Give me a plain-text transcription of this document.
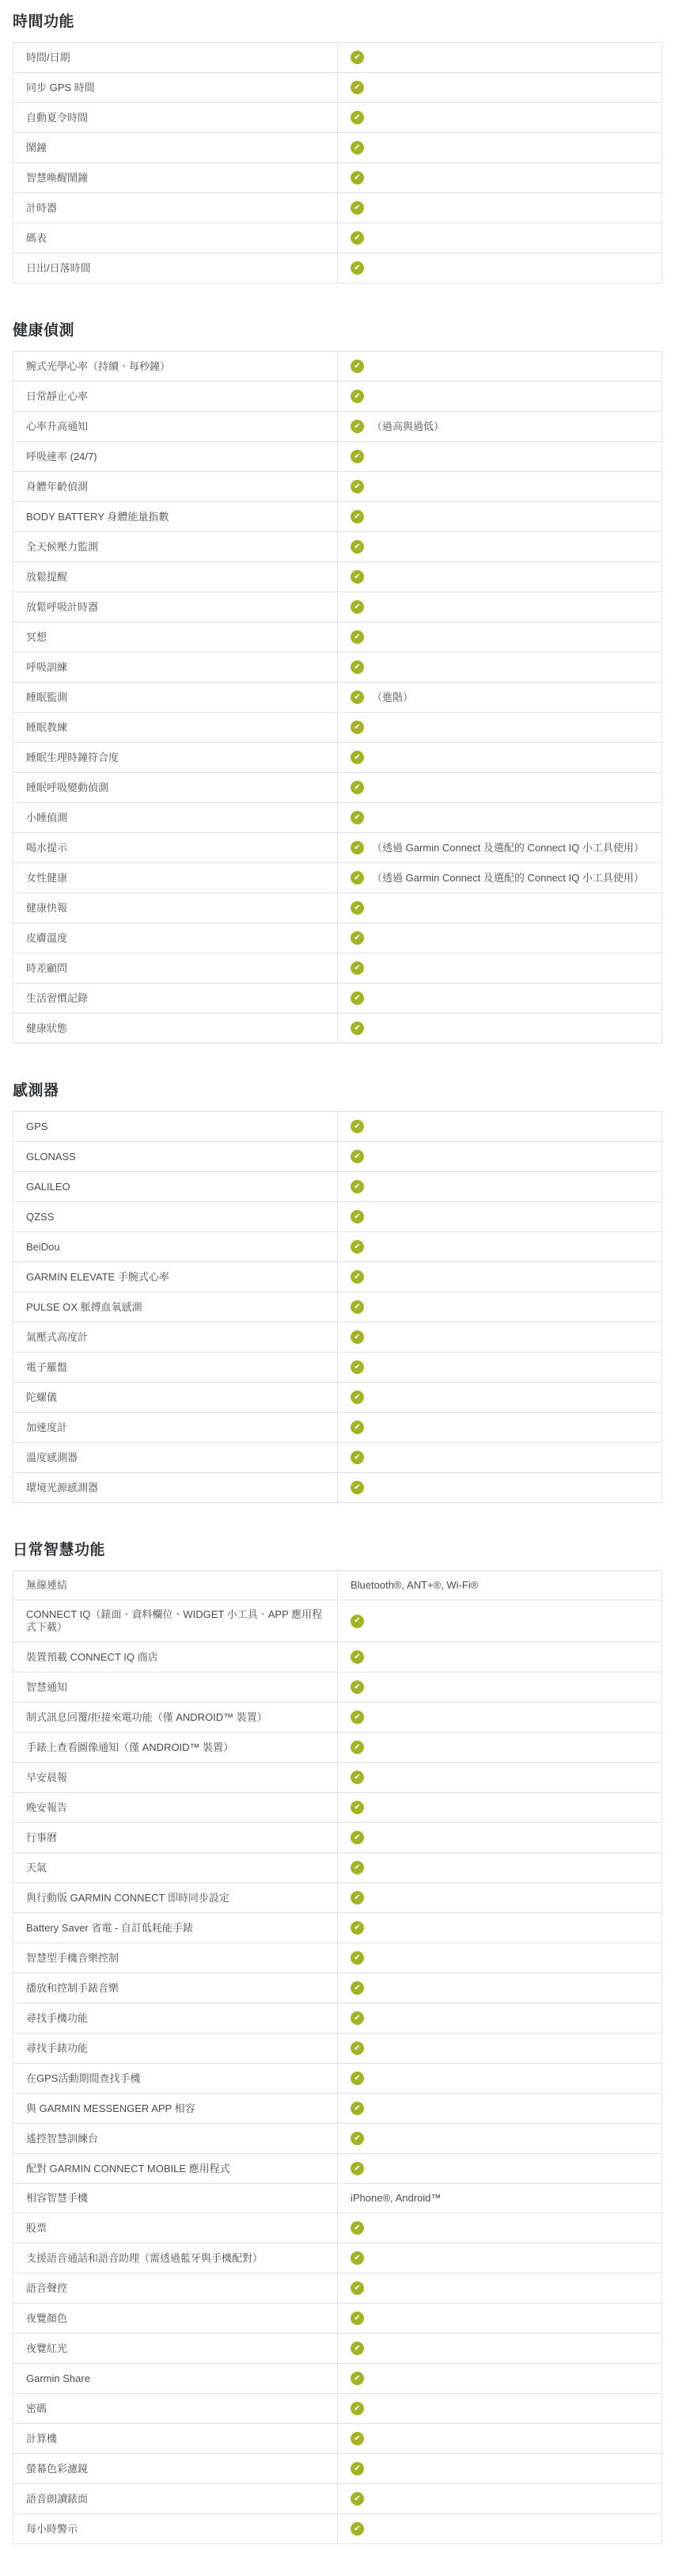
時間功能
時間/日期	✔

同步 GPS 時間	✔

自動夏令時間	✔

鬧鐘	✔

智慧喚醒鬧鐘	✔

計時器	✔

碼表	✔

日出/日落時間	✔
健康偵測
腕式光學心率（持續、每秒鐘）	✔

日常靜止心率	✔

心率升高通知	✔ （過高與過低）

呼吸速率 (24/7)	✔

身體年齡偵測	✔

BODY BATTERY 身體能量指數	✔

全天候壓力監測	✔

放鬆提醒	✔

放鬆呼吸計時器	✔

冥想	✔

呼吸訓練	✔

睡眠監測	✔ （進階）

睡眠教練	✔

睡眠生理時鐘符合度	✔

睡眠呼吸變動偵測	✔

小睡偵測	✔

喝水提示	✔ （透過 Garmin Connect 及選配的 Connect IQ 小工具使用）

女性健康	✔ （透過 Garmin Connect 及選配的 Connect IQ 小工具使用）

健康快報	✔

皮膚溫度	✔

時差顧問	✔

生活習慣記錄	✔

健康狀態	✔
感測器
GPS	✔

GLONASS	✔

GALILEO	✔

QZSS	✔

BeiDou	✔

GARMIN ELEVATE 手腕式心率	✔

PULSE OX 脈搏血氧感測	✔

氣壓式高度計	✔

電子羅盤	✔

陀螺儀	✔

加速度計	✔

溫度感測器	✔

環境光源感測器	✔
日常智慧功能
無線連結	Bluetooth®, ANT+®, Wi-Fi®

CONNECT IQ（錶面、資料欄位、WIDGET 小工具、APP 應用程式下載）	✔

裝置預載 CONNECT IQ 商店	✔

智慧通知	✔

制式訊息回覆/拒接來電功能（僅 ANDROID™ 裝置）	✔

手錶上查看圖像通知（僅 ANDROID™ 裝置）	✔

早安晨報	✔

晚安報告	✔

行事曆	✔

天氣	✔

與行動版 GARMIN CONNECT 即時同步設定	✔

Battery Saver 省電 - 自訂低耗能手錶	✔

智慧型手機音樂控制	✔

播放和控制手錶音樂	✔

尋找手機功能	✔

尋找手錶功能	✔

在GPS活動期間查找手機	✔

與 GARMIN MESSENGER APP 相容	✔

遙控智慧訓練台	✔

配對 GARMIN CONNECT MOBILE 應用程式	✔

相容智慧手機	iPhone®, Android™

股票	✔

支援語音通話和語音助理（需透過藍牙與手機配對）	✔

語音聲控	✔

夜覽顏色	✔

夜覽紅光	✔

Garmin Share	✔

密碼	✔

計算機	✔

螢幕色彩濾鏡	✔

語音朗讀錶面	✔

每小時警示	✔
